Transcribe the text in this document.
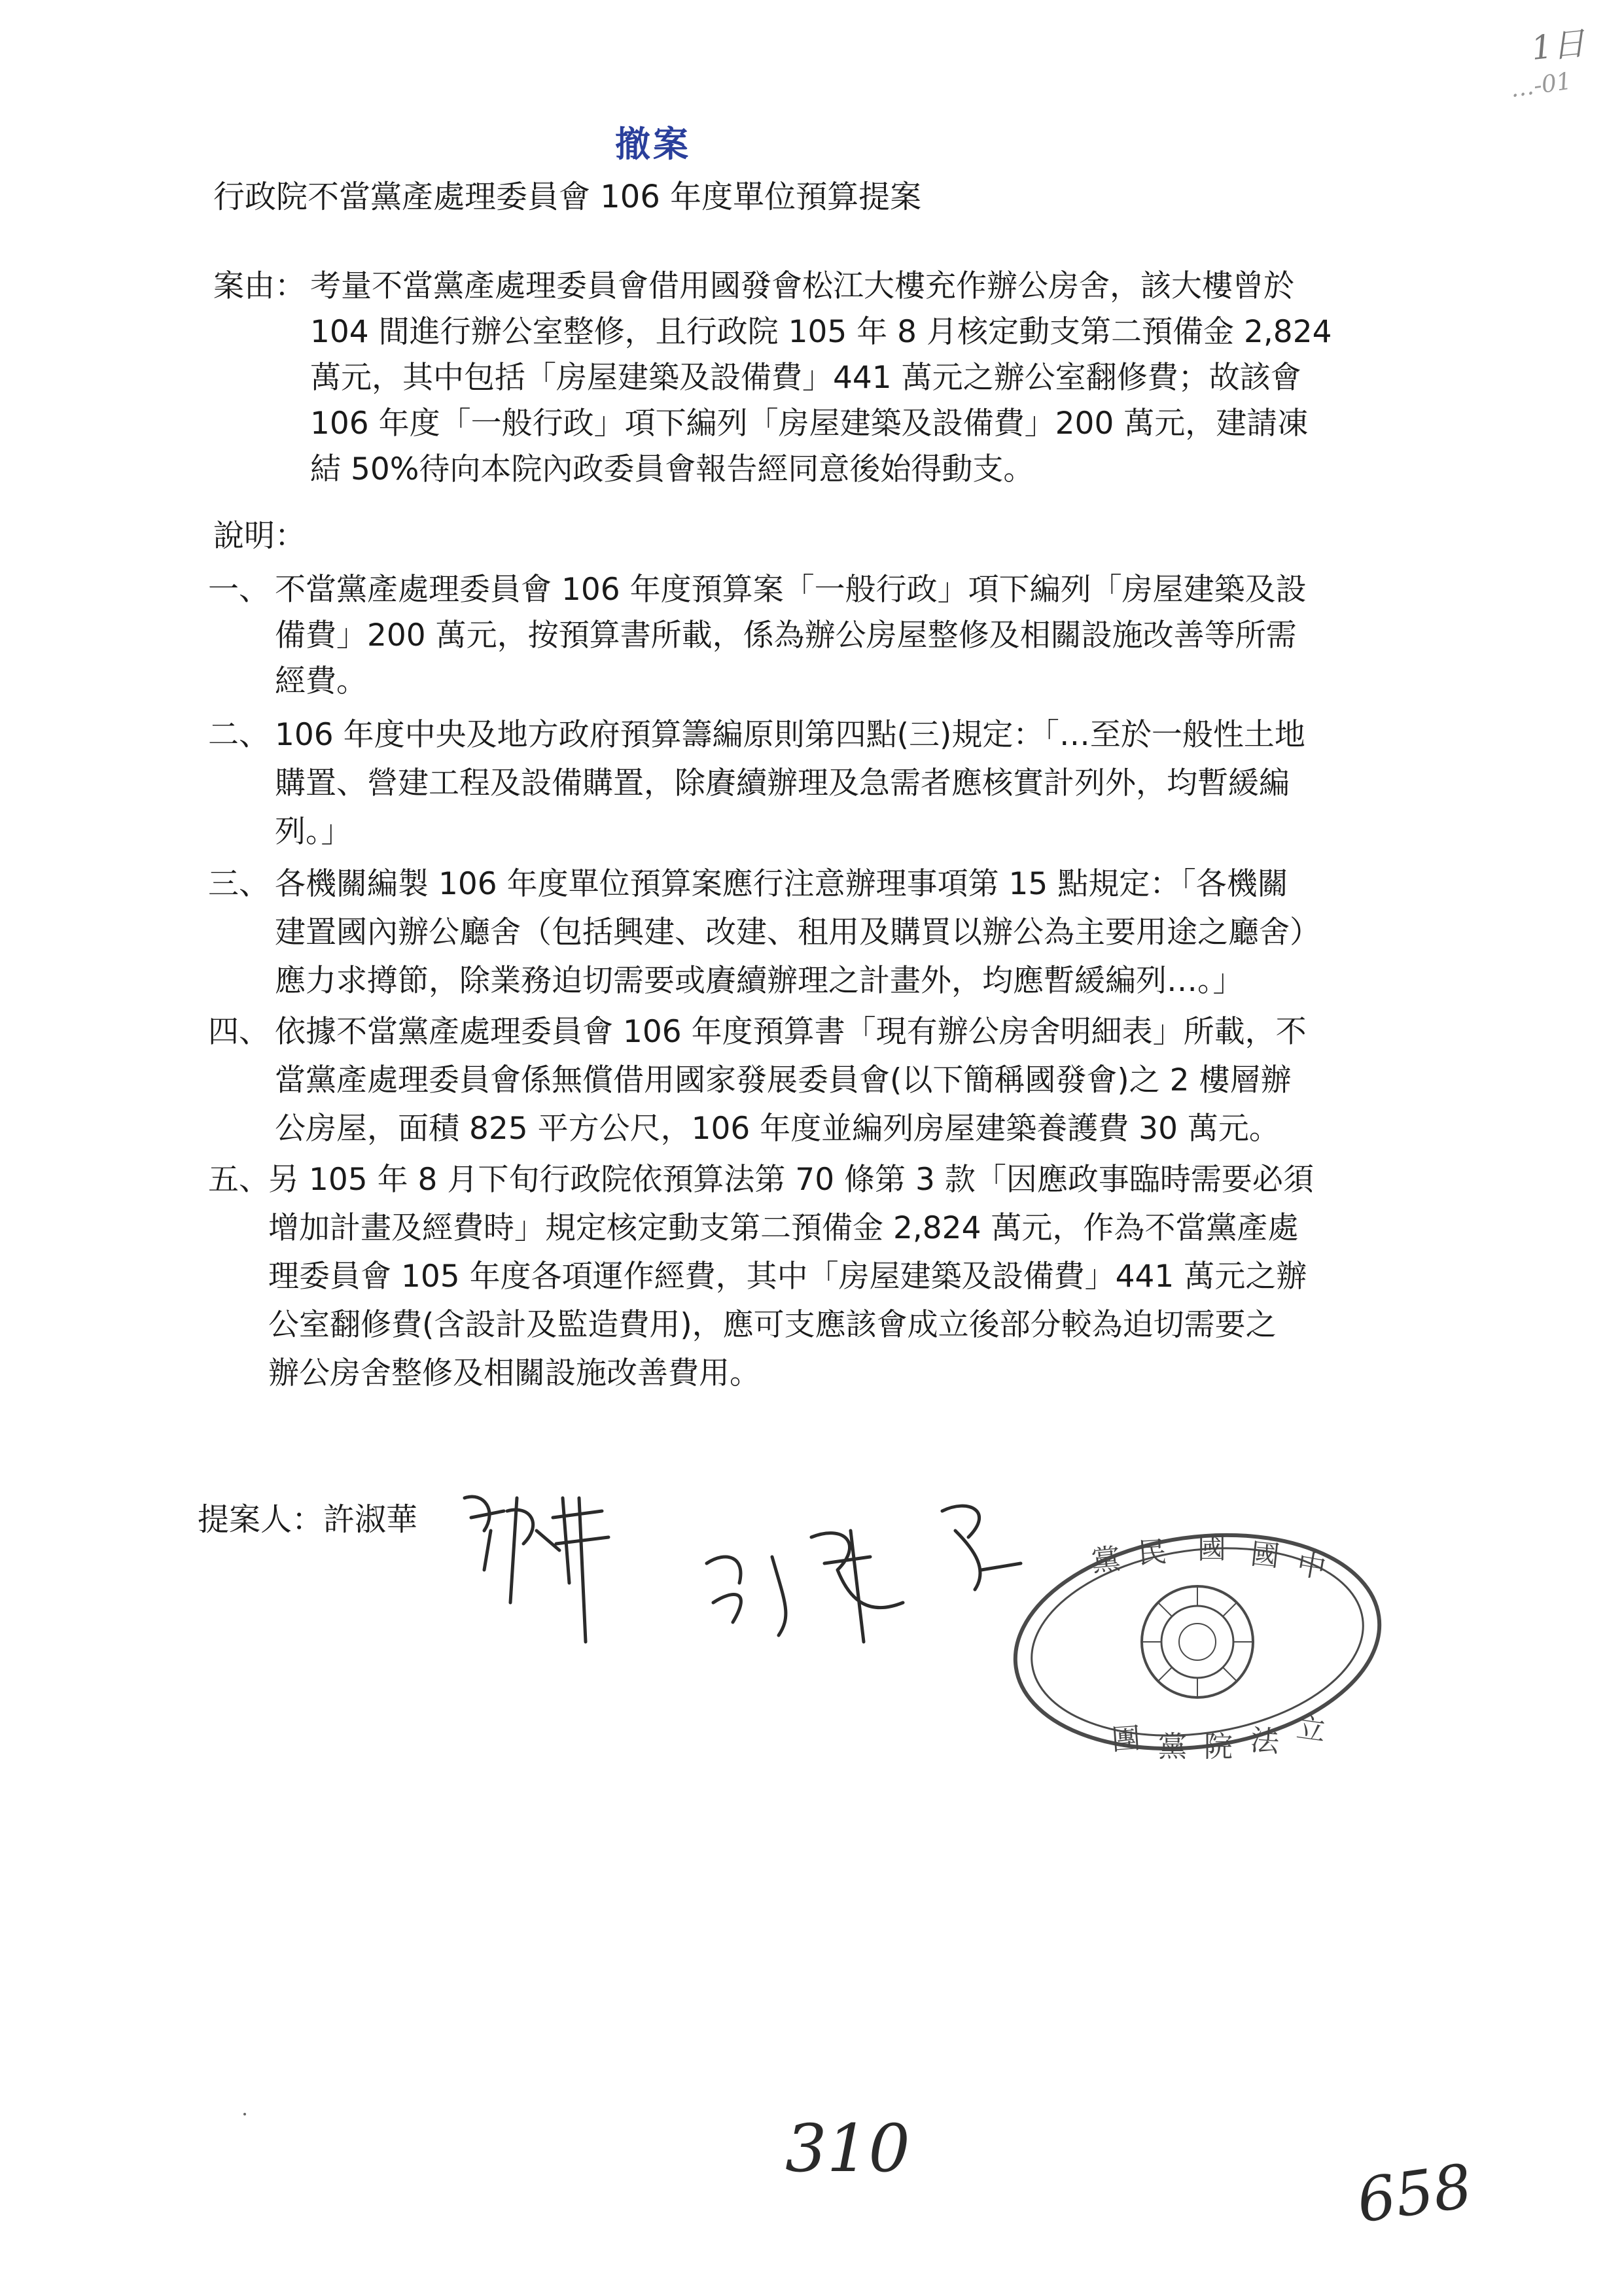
1日
…-01
撤案
行政院不當黨產處理委員會 106 年度單位預算提案
案由： 考量不當黨產處理委員會借用國發會松江大樓充作辦公房舍，該大樓曾於
104 間進行辦公室整修，且行政院 105 年 8 月核定動支第二預備金 2,824
萬元，其中包括「房屋建築及設備費」441 萬元之辦公室翻修費；故該會
106 年度「一般行政」項下編列「房屋建築及設備費」200 萬元，建請凍
結 50%待向本院內政委員會報告經同意後始得動支。
說明：
一、 不當黨產處理委員會 106 年度預算案「一般行政」項下編列「房屋建築及設
備費」200 萬元，按預算書所載，係為辦公房屋整修及相關設施改善等所需
經費。
二、 106 年度中央及地方政府預算籌編原則第四點(三)規定：「…至於一般性土地
購置、營建工程及設備購置，除賡續辦理及急需者應核實計列外，均暫緩編
列。」
三、 各機關編製 106 年度單位預算案應行注意辦理事項第 15 點規定：「各機關
建置國內辦公廳舍（包括興建、改建、租用及購買以辦公為主要用途之廳舍）
應力求撙節，除業務迫切需要或賡續辦理之計畫外，均應暫緩編列…。」
四、 依據不當黨產處理委員會 106 年度預算書「現有辦公房舍明細表」所載，不
當黨產處理委員會係無償借用國家發展委員會(以下簡稱國發會)之 2 樓層辦
公房屋，面積 825 平方公尺，106 年度並編列房屋建築養護費 30 萬元。
五、
另 105 年 8 月下旬行政院依預算法第 70 條第 3 款「因應政事臨時需要必須
增加計畫及經費時」規定核定動支第二預備金 2,824 萬元，作為不當黨產處
理委員會 105 年度各項運作經費，其中「房屋建築及設備費」441 萬元之辦
公室翻修費(含設計及監造費用)，應可支應該會成立後部分較為迫切需要之
辦公房舍整修及相關設施改善費用。
提案人：許淑華
黨 民 國 國 中
團 黨 院 法 立
310
658
